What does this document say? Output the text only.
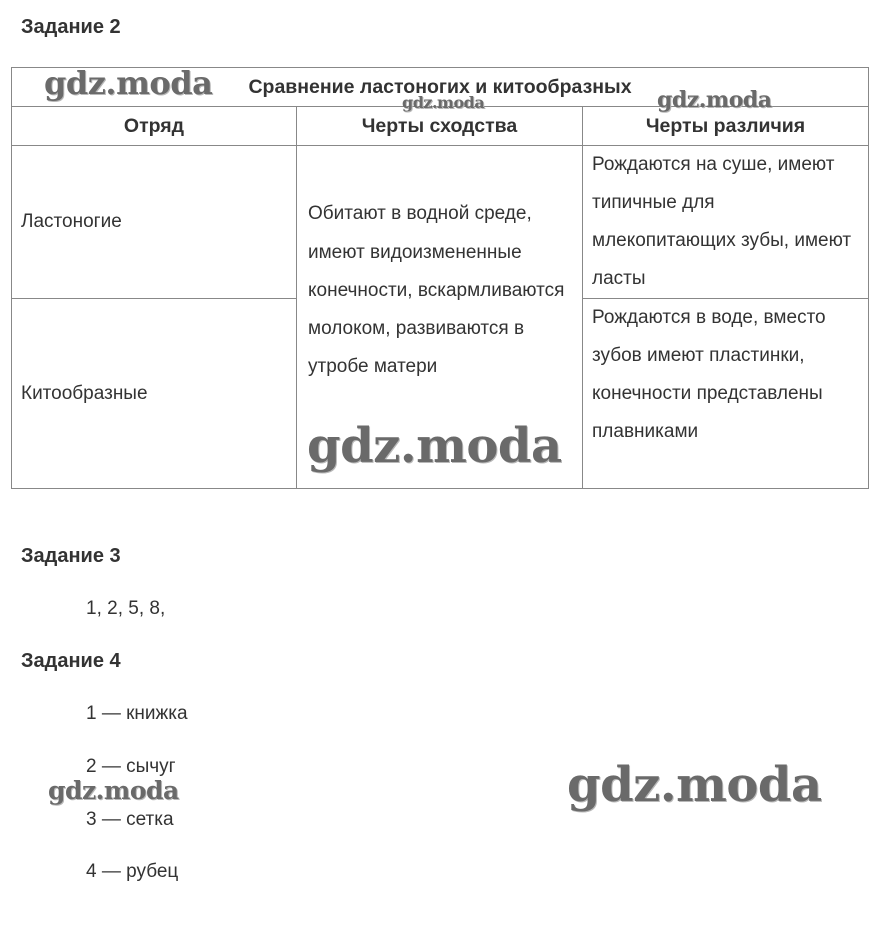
Задание 2
Сравнение ластоногих и китообразных		
Отряд	Черты сходства	Черты различия
Ластоногие	Обитают в водной среде, имеют видоизмененные конечности, вскармливаются молоком, развиваются в утробе матери	Рождаются на суше, имеют типичные для млекопитающих зубы, имеют ласты
Китообразные		Рождаются в воде, вместо зубов имеют пластинки, конечности представлены плавниками
Задание 3
1, 2, 5, 8,
Задание 4
1 — книжка
2 — сычуг
3 — сетка
4 — рубец
gdz.moda
gdz.moda	gdz.moda
gdz.moda
gdz.moda	gdz.moda
